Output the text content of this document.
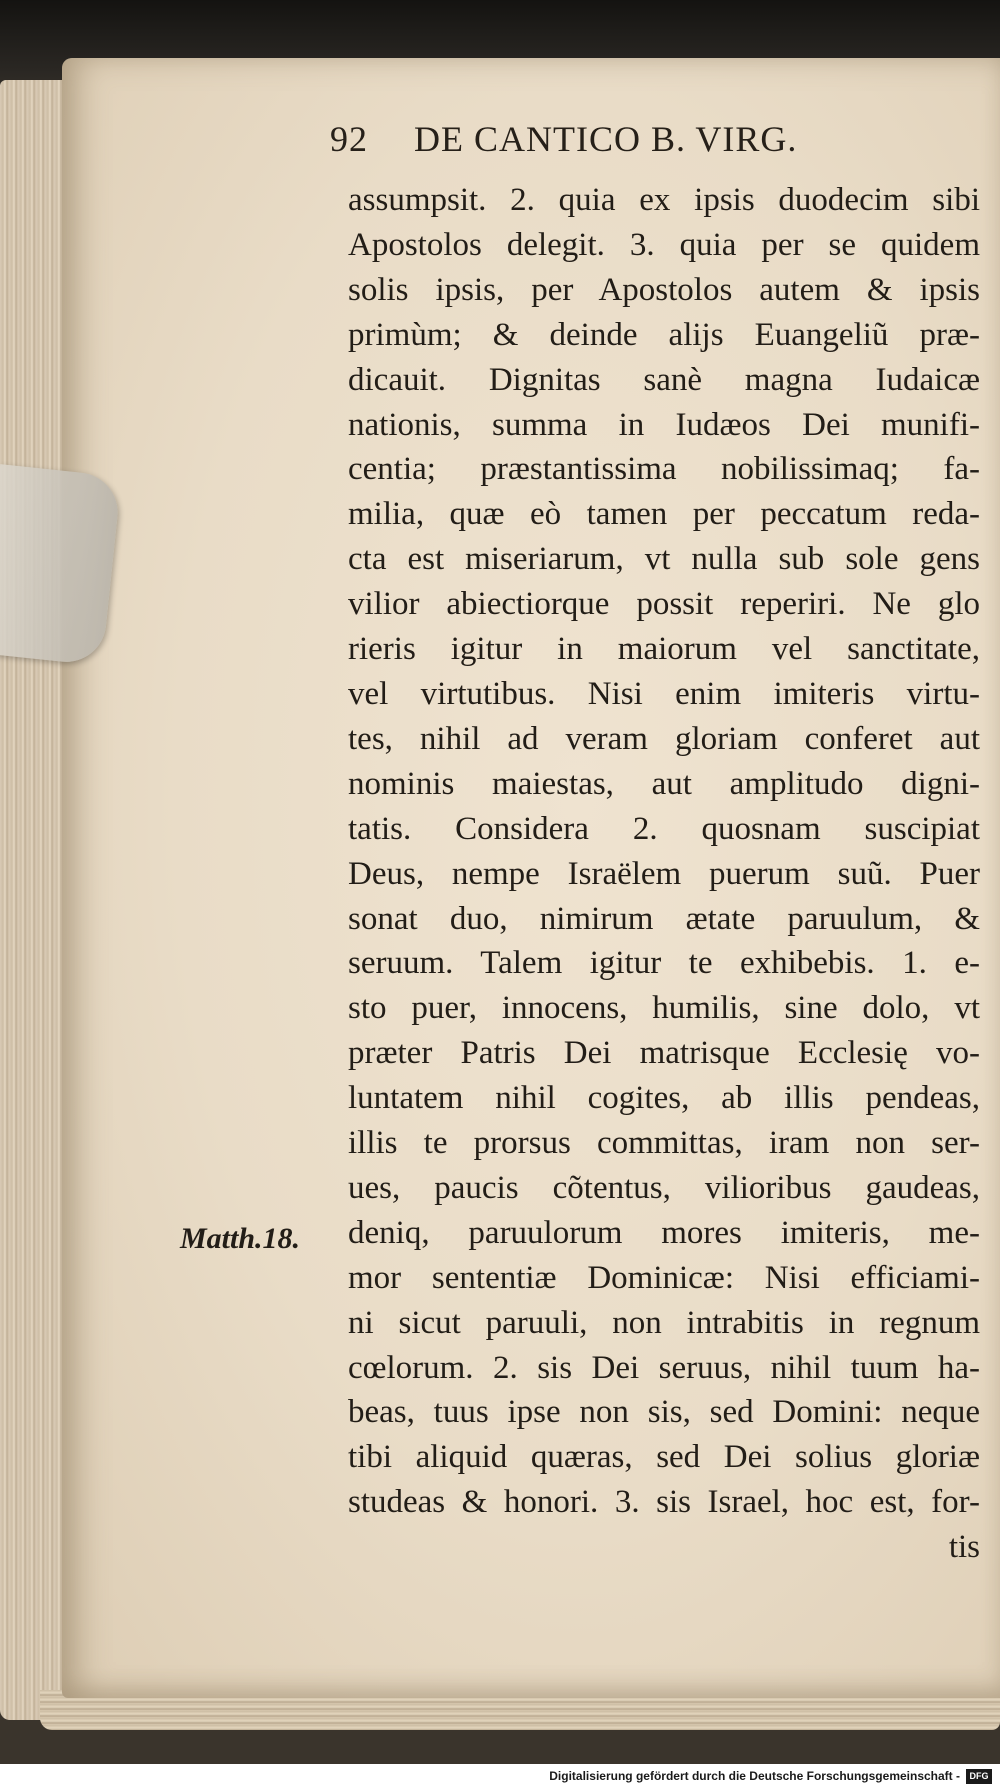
92 DE CANTICO B. VIRG.
Matth.18.
assumpsit. 2. quia ex ipsis duodecim sibi
Apostolos delegit. 3. quia per se quidem
solis ipsis, per Apostolos autem & ipsis
primùm; & deinde alijs Euangeliũ præ-
dicauit. Dignitas sanè magna Iudaicæ
nationis, summa in Iudæos Dei munifi-
centia; præstantissima nobilissimaq; fa-
milia, quæ eò tamen per peccatum reda-
cta est miseriarum, vt nulla sub sole gens
vilior abiectiorque possit reperiri. Ne glo
rieris igitur in maiorum vel sanctitate,
vel virtutibus. Nisi enim imiteris virtu-
tes, nihil ad veram gloriam conferet aut
nominis maiestas, aut amplitudo digni-
tatis. Considera 2. quosnam suscipiat
Deus, nempe Israëlem puerum suũ. Puer
sonat duo, nimirum ætate paruulum, &
seruum. Talem igitur te exhibebis. 1. e-
sto puer, innocens, humilis, sine dolo, vt
præter Patris Dei matrisque Ecclesię vo-
luntatem nihil cogites, ab illis pendeas,
illis te prorsus committas, iram non ser-
ues, paucis cõtentus, vilioribus gaudeas,
deniq, paruulorum mores imiteris, me-
mor sententiæ Dominicæ: Nisi efficiami-
ni sicut paruuli, non intrabitis in regnum
cœlorum. 2. sis Dei seruus, nihil tuum ha-
beas, tuus ipse non sis, sed Domini: neque
tibi aliquid quæras, sed Dei solius gloriæ
studeas & honori. 3. sis Israel, hoc est, for-
tis
Digitalisierung gefördert durch die Deutsche Forschungsgemeinschaft -	DFG
